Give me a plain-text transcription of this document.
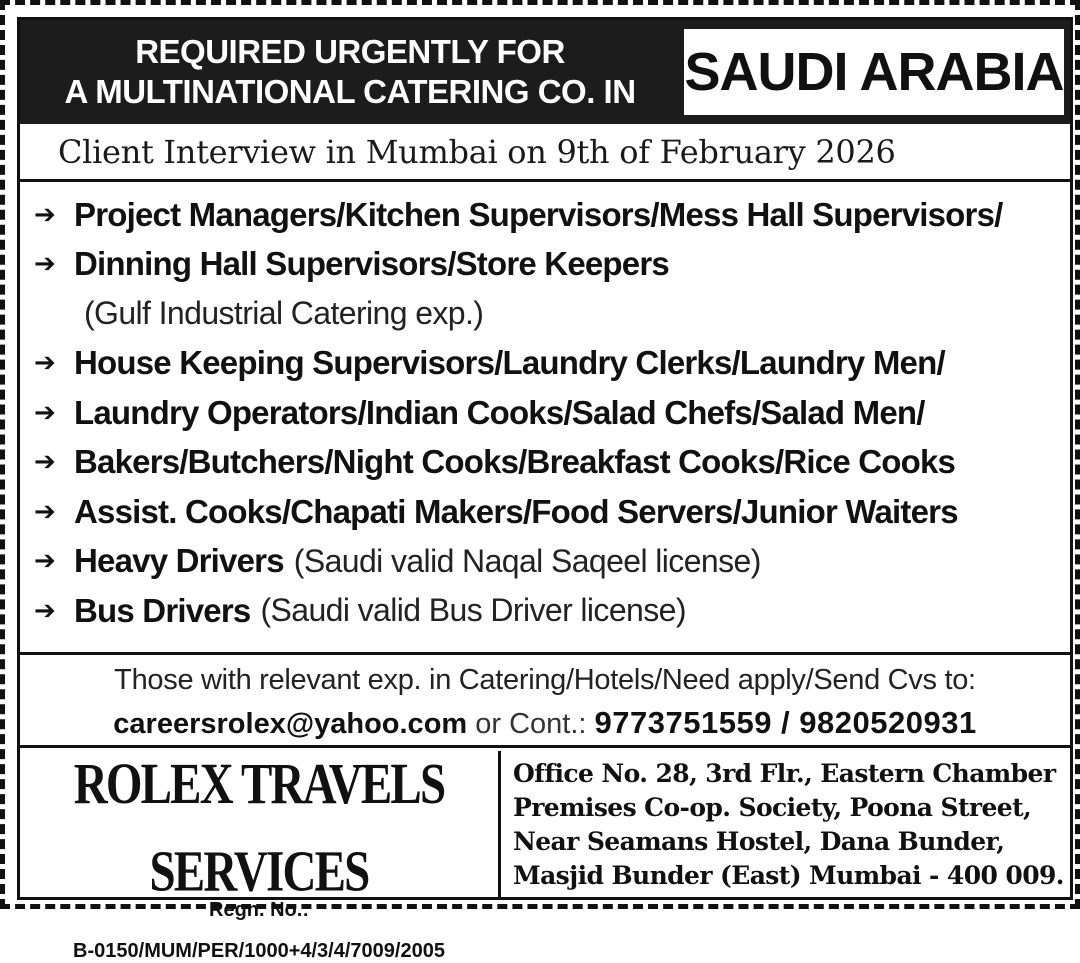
REQUIRED URGENTLY FOR
A MULTINATIONAL CATERING CO. IN SAUDI ARABIA
Client Interview in Mumbai on 9th of February 2026
➔ Project Managers/Kitchen Supervisors/Mess Hall Supervisors/
➔ Dinning Hall Supervisors/Store Keepers
(Gulf Industrial Catering exp.)
➔ House Keeping Supervisors/Laundry Clerks/Laundry Men/
➔ Laundry Operators/Indian Cooks/Salad Chefs/Salad Men/
➔ Bakers/Butchers/Night Cooks/Breakfast Cooks/Rice Cooks
➔ Assist. Cooks/Chapati Makers/Food Servers/Junior Waiters
➔ Heavy Drivers (Saudi valid Naqal Saqeel license)
➔ Bus Drivers (Saudi valid Bus Driver license)
Those with relevant exp. in Catering/Hotels/Need apply/Send Cvs to:
careersrolex@yahoo.com or Cont.: 9773751559 / 9820520931
ROLEX TRAVELS SERVICES
Regn. No.:
B-0150/MUM/PER/1000+4/3/4/7009/2005
Office No. 28, 3rd Flr., Eastern Chamber
Premises Co-op. Society, Poona Street,
Near Seamans Hostel, Dana Bunder,
Masjid Bunder (East) Mumbai - 400 009.
